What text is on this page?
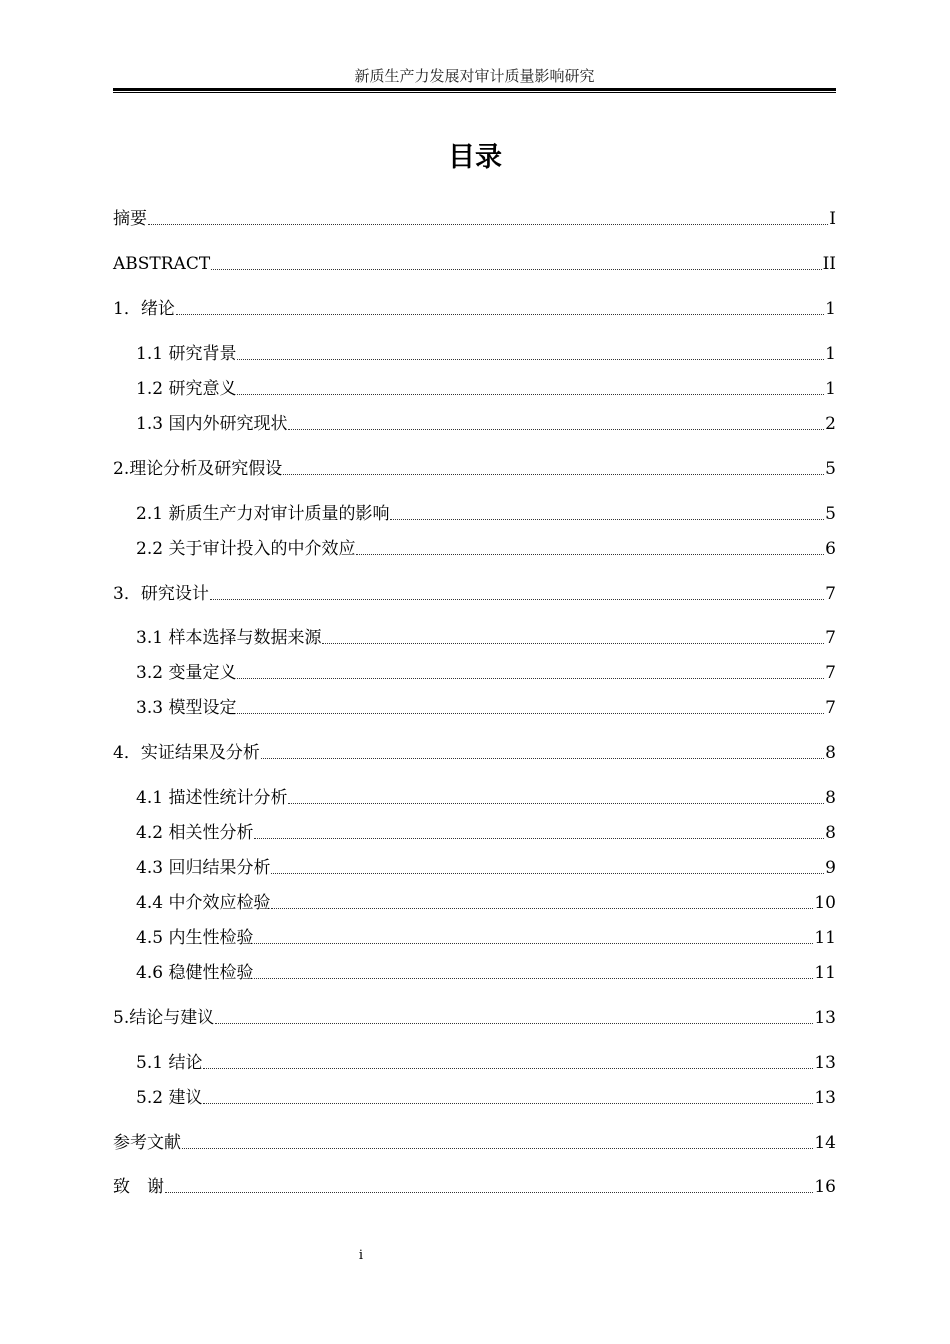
新质生产力发展对审计质量影响研究
目录
摘要	I
ABSTRACT	II
1．绪论	1
1.1 研究背景	1
1.2 研究意义	1
1.3 国内外研究现状	2
2.理论分析及研究假设	5
2.1 新质生产力对审计质量的影响	5
2.2 关于审计投入的中介效应	6
3．研究设计	7
3.1 样本选择与数据来源	7
3.2 变量定义	7
3.3 模型设定	7
4．实证结果及分析	8
4.1 描述性统计分析	8
4.2 相关性分析	8
4.3 回归结果分析	9
4.4 中介效应检验	10
4.5 内生性检验	11
4.6 稳健性检验	11
5.结论与建议	13
5.1 结论	13
5.2 建议	13
参考文献	14
致　谢	16
i
